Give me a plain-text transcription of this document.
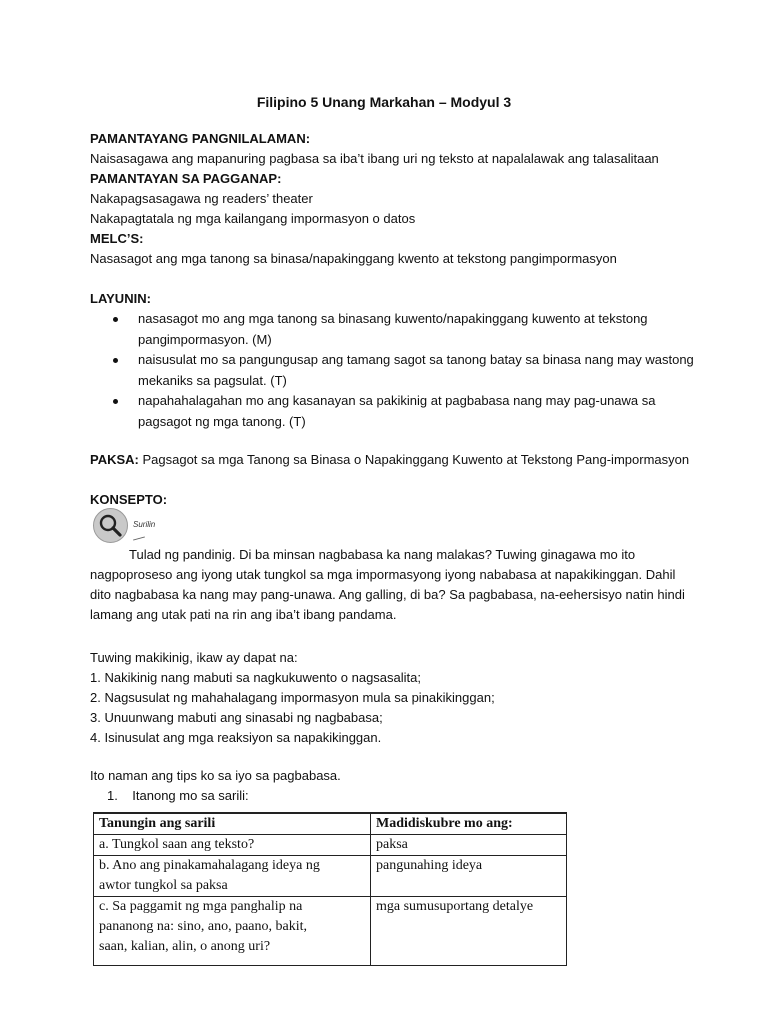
Filipino 5 Unang Markahan – Modyul 3
PAMANTAYANG PANGNILALAMAN:
Naisasagawa ang mapanuring pagbasa sa iba’t ibang uri ng teksto at napalalawak ang talasalitaan
PAMANTAYAN SA PAGGANAP:
Nakapagsasagawa ng readers’ theater
Nakapagtatala ng mga kailangang impormasyon o datos
MELC’S:
Nasasagot ang mga tanong sa binasa/napakinggang kwento at tekstong pangimpormasyon
LAYUNIN:
nasasagot mo ang mga tanong sa binasang kuwento/napakinggang kuwento at tekstong
pangimpormasyon. (M)
naisusulat mo sa pangungusap ang tamang sagot sa tanong batay sa binasa nang may wastong
mekaniks sa pagsulat. (T)
napahahalagahan mo ang kasanayan sa pakikinig at pagbabasa nang may pag-unawa sa
pagsagot ng mga tanong. (T)
PAKSA: Pagsagot sa mga Tanong sa Binasa o Napakinggang Kuwento at Tekstong Pang-impormasyon
KONSEPTO:
Surilin
Tulad ng pandinig. Di ba minsan nagbabasa ka nang malakas? Tuwing ginagawa mo ito
nagpoproseso ang iyong utak tungkol sa mga impormasyong iyong nababasa at napakikinggan. Dahil
dito nagbabasa ka nang may pang-unawa. Ang galling, di ba? Sa pagbabasa, na-eehersisyo natin hindi
lamang ang utak pati na rin ang iba’t ibang pandama.
Tuwing makikinig, ikaw ay dapat na:
1. Nakikinig nang mabuti sa nagkukuwento o nagsasalita;
2. Nagsusulat ng mahahalagang impormasyon mula sa pinakikinggan;
3. Unuunwang mabuti ang sinasabi ng nagbabasa;
4. Isinusulat ang mga reaksiyon sa napakikinggan.
Ito naman ang tips ko sa iyo sa pagbabasa.
1.    Itanong mo sa sarili:
Tanungin ang sarili	Madidiskubre mo ang:

a. Tungkol saan ang teksto?	paksa

b. Ano ang pinakamahalagang ideya ng
awtor tungkol sa paksa	pangunahing ideya

c. Sa paggamit ng mga panghalip na
pananong na: sino, ano, paano, bakit,
saan, kalian, alin, o anong uri?	mga sumusuportang detalye
